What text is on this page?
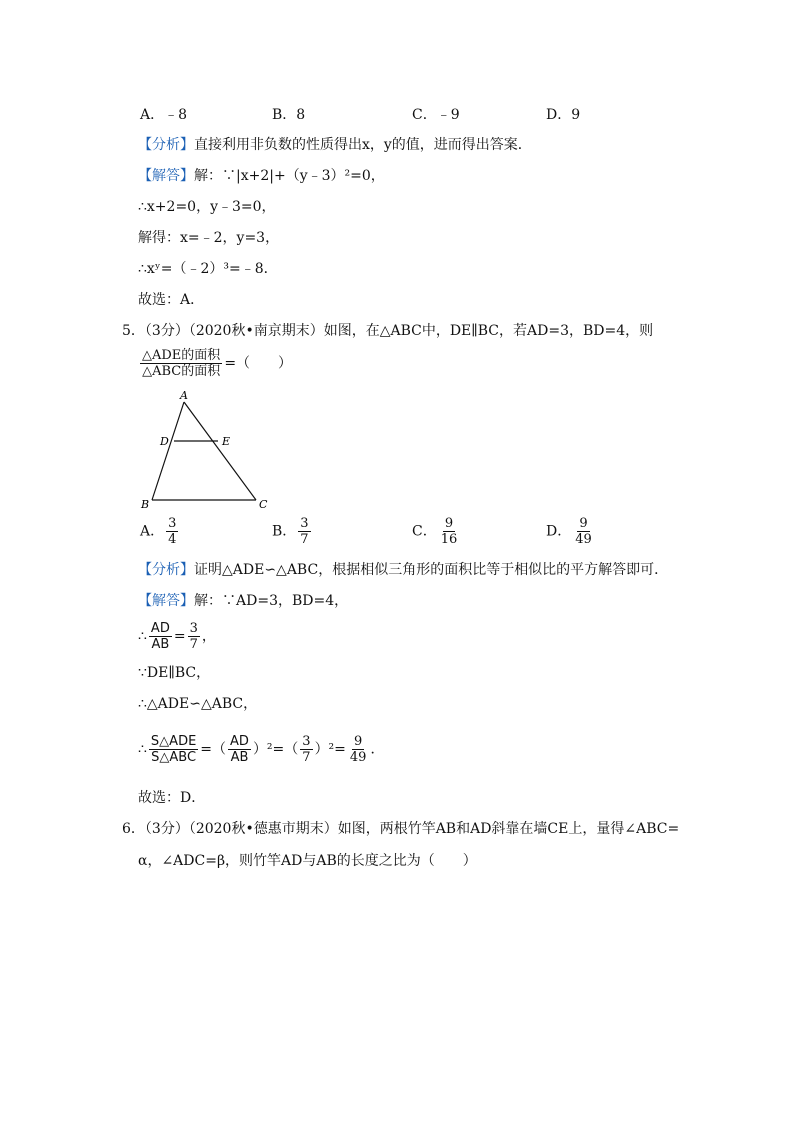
A．﹣8	B．8	C．﹣9	D．9
【分析】直接利用非负数的性质得出x，y的值，进而得出答案．
【解答】解：∵|x+2|+（y﹣3）²=0，
∴x+2=0，y﹣3=0，
解得：x=﹣2，y=3，
∴xʸ=（﹣2）³=﹣8．
故选：A．
5．（3分）（2020秋•南京期末）如图，在△ABC中，DE∥BC，若AD=3，BD=4，则
$\frac{\text{△ADE的面积}}{\text{△ABC的面积}}$ =（　　）
A
D	E
B	C
A． $\frac{3}{4}$	B． $\frac{3}{7}$	C． $\frac{9}{16}$	D． $\frac{9}{49}$
【分析】证明△ADE∽△ABC，根据相似三角形的面积比等于相似比的平方解答即可．
【解答】解：∵AD=3，BD=4，
∴ $\frac{AD}{AB} = \frac{3}{7}$ ，
∵DE∥BC，
∴△ADE∽△ABC，
∴ $\frac{\text{S△ADE}}{\text{S△ABC}}$ =（ $\frac{AD}{AB} )^2=( \frac{3}{7} )^2= \frac{9}{49}$ ．
故选：D．
6．（3分）（2020秋•德惠市期末）如图，两根竹竿AB和AD斜靠在墙CE上，量得∠ABC=
α，∠ADC=β，则竹竿AD与AB的长度之比为（　　）
